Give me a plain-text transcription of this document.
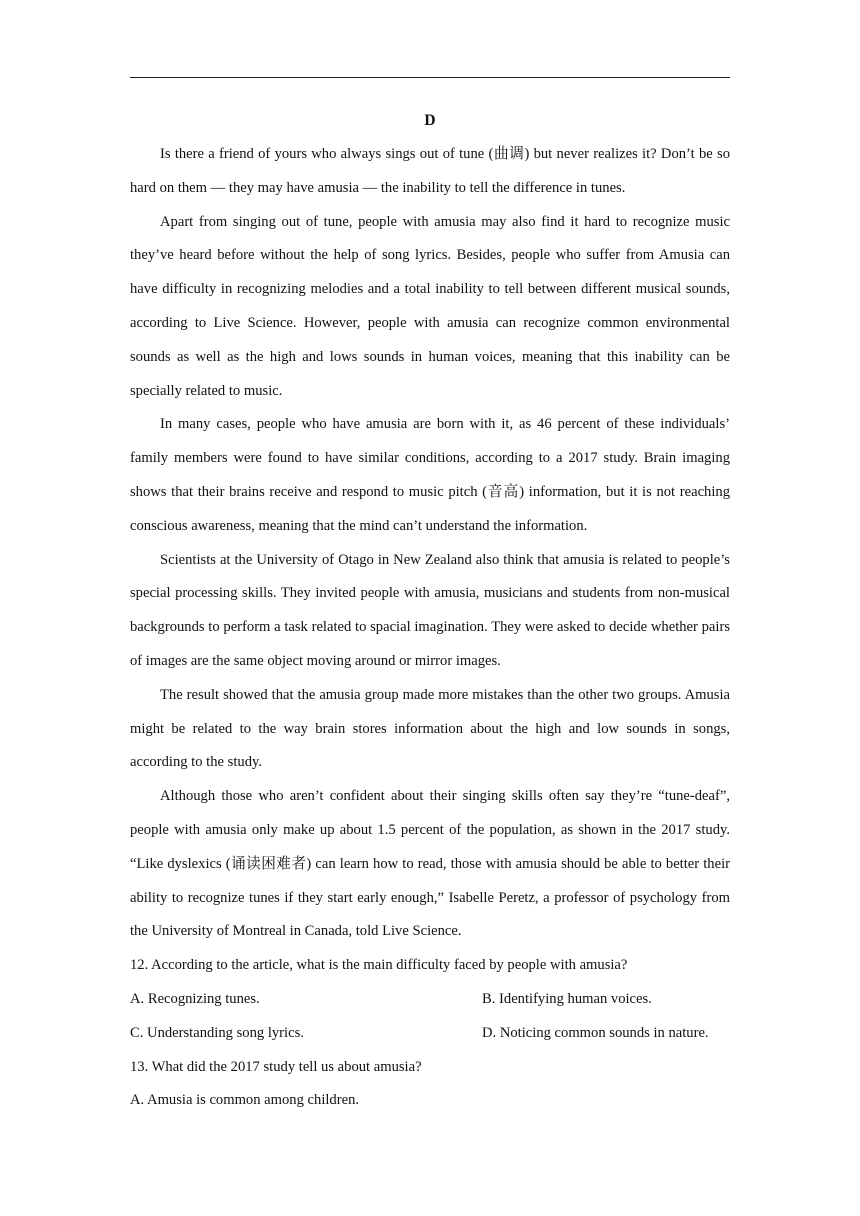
D

Is there a friend of yours who always sings out of tune (曲调) but never realizes it? Don’t be so hard on them — they may have amusia — the inability to tell the difference in tunes.

Apart from singing out of tune, people with amusia may also find it hard to recognize music they’ve heard before without the help of song lyrics. Besides, people who suffer from Amusia can have difficulty in recognizing melodies and a total inability to tell between different musical sounds, according to Live Science. However, people with amusia can recognize common environmental sounds as well as the high and lows sounds in human voices, meaning that this inability can be specially related to music.

In many cases, people who have amusia are born with it, as 46 percent of these individuals’ family members were found to have similar conditions, according to a 2017 study. Brain imaging shows that their brains receive and respond to music pitch (音高) information, but it is not reaching conscious awareness, meaning that the mind can’t understand the information.

Scientists at the University of Otago in New Zealand also think that amusia is related to people’s special processing skills. They invited people with amusia, musicians and students from non-musical backgrounds to perform a task related to spacial imagination. They were asked to decide whether pairs of images are the same object moving around or mirror images.

The result showed that the amusia group made more mistakes than the other two groups. Amusia might be related to the way brain stores information about the high and low sounds in songs, according to the study.

Although those who aren’t confident about their singing skills often say they’re “tune-deaf”, people with amusia only make up about 1.5 percent of the population, as shown in the 2017 study. “Like dyslexics (诵读困难者) can learn how to read, those with amusia should be able to better their ability to recognize tunes if they start early enough,” Isabelle Peretz, a professor of psychology from the University of Montreal in Canada, told Live Science.

12. According to the article, what is the main difficulty faced by people with amusia?

A. Recognizing tunes.	B. Identifying human voices.
C. Understanding song lyrics.	D. Noticing common sounds in nature.

13. What did the 2017 study tell us about amusia?

A. Amusia is common among children.
